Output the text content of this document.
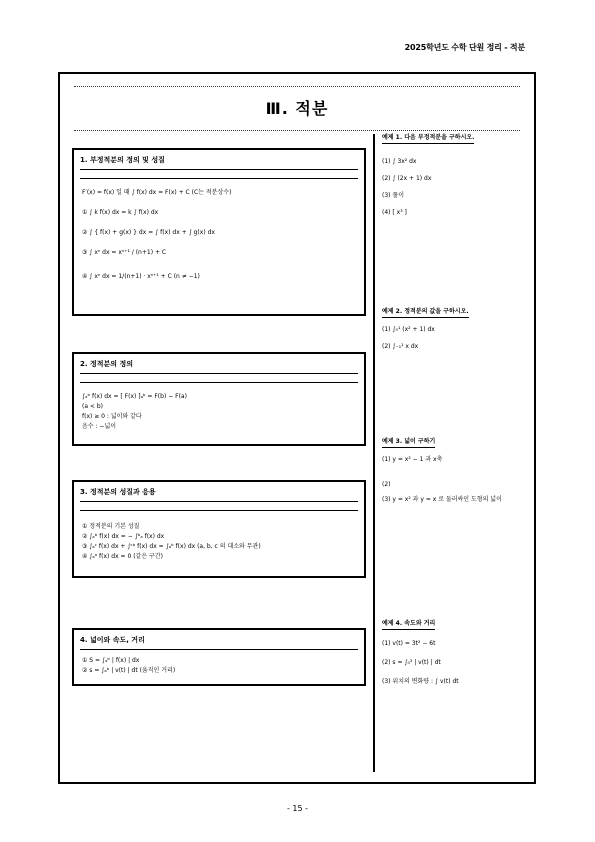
2025학년도 수학 단원 정리 - 적분
Ⅲ. 적분
1. 부정적분의 정의 및 성질
F′(x) = f(x) 일 때 ∫ f(x) dx = F(x) + C (C는 적분상수)
① ∫ k f(x) dx = k ∫ f(x) dx
② ∫ { f(x) + g(x) } dx = ∫ f(x) dx + ∫ g(x) dx
③ ∫ xⁿ dx = xⁿ⁺¹ / (n+1) + C
④ ∫ xⁿ dx = 1/(n+1) · xⁿ⁺¹ + C (n ≠ −1)
2. 정적분의 정의
∫ₐᵇ f(x) dx = [ F(x) ]ₐᵇ = F(b) − F(a)
(a < b)
f(x) ≥ 0 : 넓이와 같다
음수 : −넓이
3. 정적분의 성질과 응용
① 정적분의 기본 성질
② ∫ₐᵇ f(x) dx = − ∫ᵇₐ f(x) dx
③ ∫ₐᶜ f(x) dx + ∫ᶜᵇ f(x) dx = ∫ₐᵇ f(x) dx (a, b, c 의 대소와 무관)
④ ∫ₐᵃ f(x) dx = 0 (같은 구간)
4. 넓이와 속도, 거리
① S = ∫ₐᵇ | f(x) | dx
② s = ∫ₐᵇ | v(t) | dt (움직인 거리)
예제 1. 다음 부정적분을 구하시오.
(1) ∫ 3x² dx
(2) ∫ (2x + 1) dx
(3) 풀이
(4) [ x³ ]
예제 2. 정적분의 값을 구하시오.
(1) ∫₀¹ (x² + 1) dx
(2) ∫₋₁¹ x dx
예제 3. 넓이 구하기
(1) y = x² − 1 과 x축
(2)
(3) y = x² 과 y = x 로 둘러싸인 도형의 넓이
예제 4. 속도와 거리
(1) v(t) = 3t² − 6t
(2) s = ∫₀³ | v(t) | dt
(3) 위치의 변화량 : ∫ v(t) dt
- 15 -
